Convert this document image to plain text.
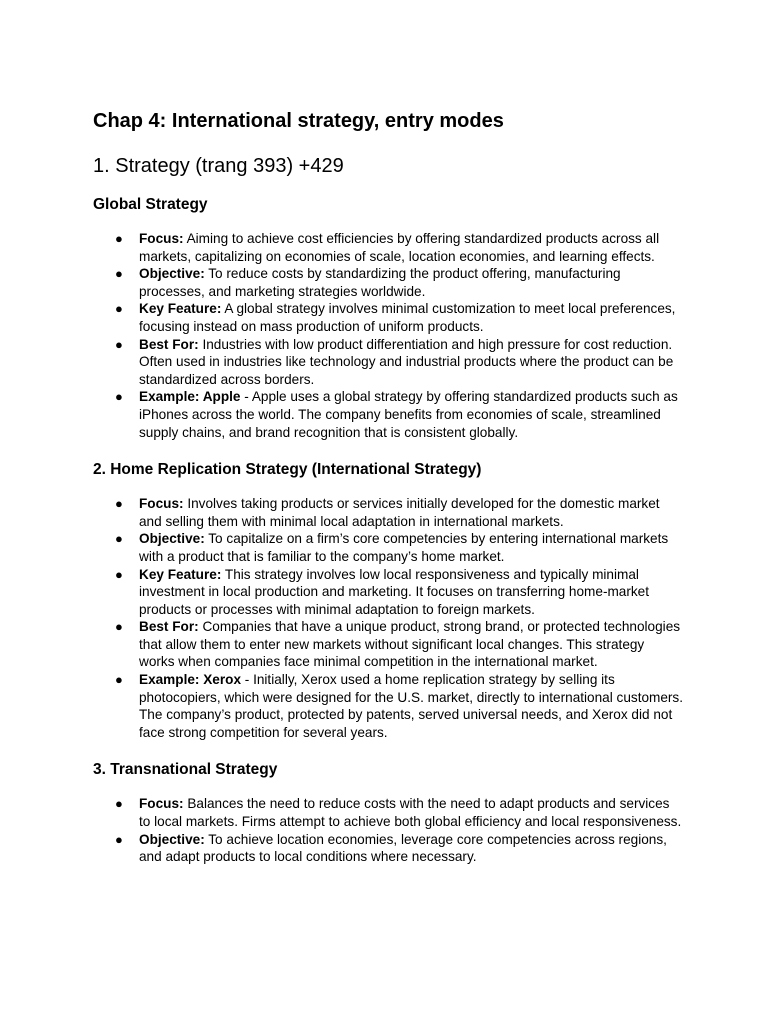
Chap 4: International strategy, entry modes
1. Strategy (trang 393) +429
Global Strategy
● Focus: Aiming to achieve cost efficiencies by offering standardized products across all markets, capitalizing on economies of scale, location economies, and learning effects.
● Objective: To reduce costs by standardizing the product offering, manufacturing processes, and marketing strategies worldwide.
● Key Feature: A global strategy involves minimal customization to meet local preferences, focusing instead on mass production of uniform products.
● Best For: Industries with low product differentiation and high pressure for cost reduction. Often used in industries like technology and industrial products where the product can be standardized across borders.
● Example: Apple - Apple uses a global strategy by offering standardized products such as iPhones across the world. The company benefits from economies of scale, streamlined supply chains, and brand recognition that is consistent globally.
2. Home Replication Strategy (International Strategy)
● Focus: Involves taking products or services initially developed for the domestic market and selling them with minimal local adaptation in international markets.
● Objective: To capitalize on a firm’s core competencies by entering international markets with a product that is familiar to the company’s home market.
● Key Feature: This strategy involves low local responsiveness and typically minimal investment in local production and marketing. It focuses on transferring home-market products or processes with minimal adaptation to foreign markets.
● Best For: Companies that have a unique product, strong brand, or protected technologies that allow them to enter new markets without significant local changes. This strategy works when companies face minimal competition in the international market.
● Example: Xerox - Initially, Xerox used a home replication strategy by selling its photocopiers, which were designed for the U.S. market, directly to international customers. The company’s product, protected by patents, served universal needs, and Xerox did not face strong competition for several years.
3. Transnational Strategy
● Focus: Balances the need to reduce costs with the need to adapt products and services to local markets. Firms attempt to achieve both global efficiency and local responsiveness.
● Objective: To achieve location economies, leverage core competencies across regions, and adapt products to local conditions where necessary.
